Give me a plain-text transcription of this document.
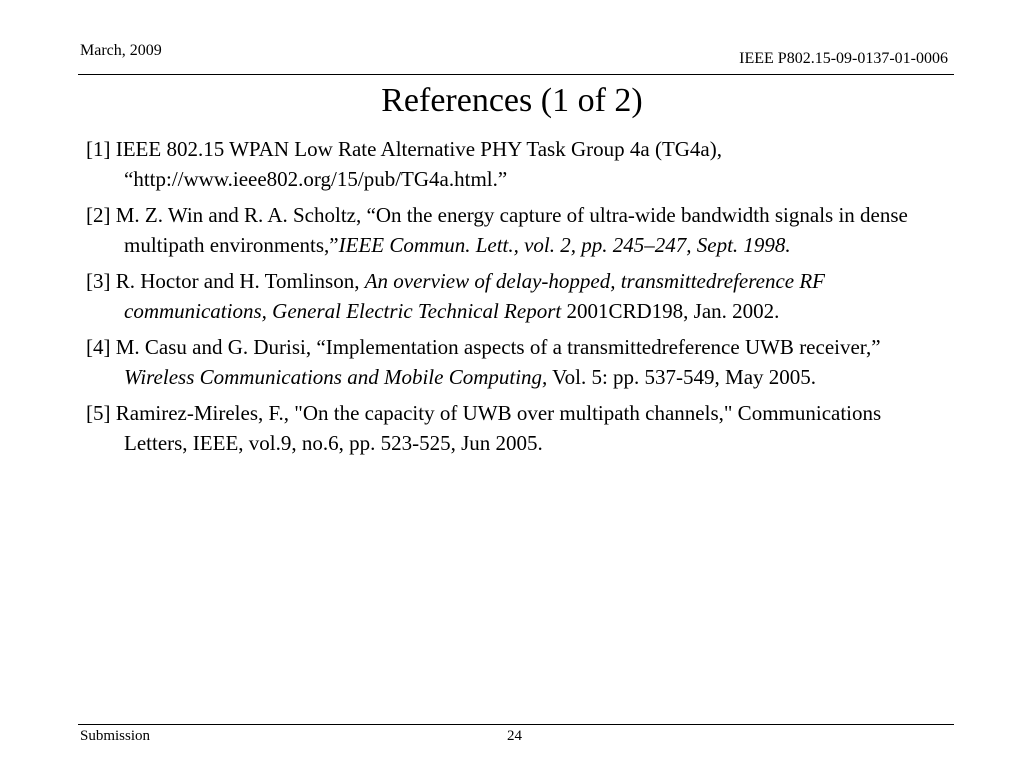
March, 2009	IEEE P802.15-09-0137-01-0006
References (1 of 2)

[1] IEEE 802.15 WPAN Low Rate Alternative PHY Task Group 4a (TG4a), “http://www.ieee802.org/15/pub/TG4a.html.”

[2] M. Z. Win and R. A. Scholtz, “On the energy capture of ultra-wide bandwidth signals in dense multipath environments,”IEEE Commun. Lett., vol. 2, pp. 245–247, Sept. 1998.

[3] R. Hoctor and H. Tomlinson, An overview of delay-hopped, transmittedreference RF communications, General Electric Technical Report 2001CRD198, Jan. 2002.

[4] M. Casu and G. Durisi, “Implementation aspects of a transmittedreference UWB receiver,” Wireless Communications and Mobile Computing, Vol. 5: pp. 537-549, May 2005.

[5] Ramirez-Mireles, F., "On the capacity of UWB over multipath channels," Communications Letters, IEEE, vol.9, no.6, pp. 523-525, Jun 2005.

Submission	24
